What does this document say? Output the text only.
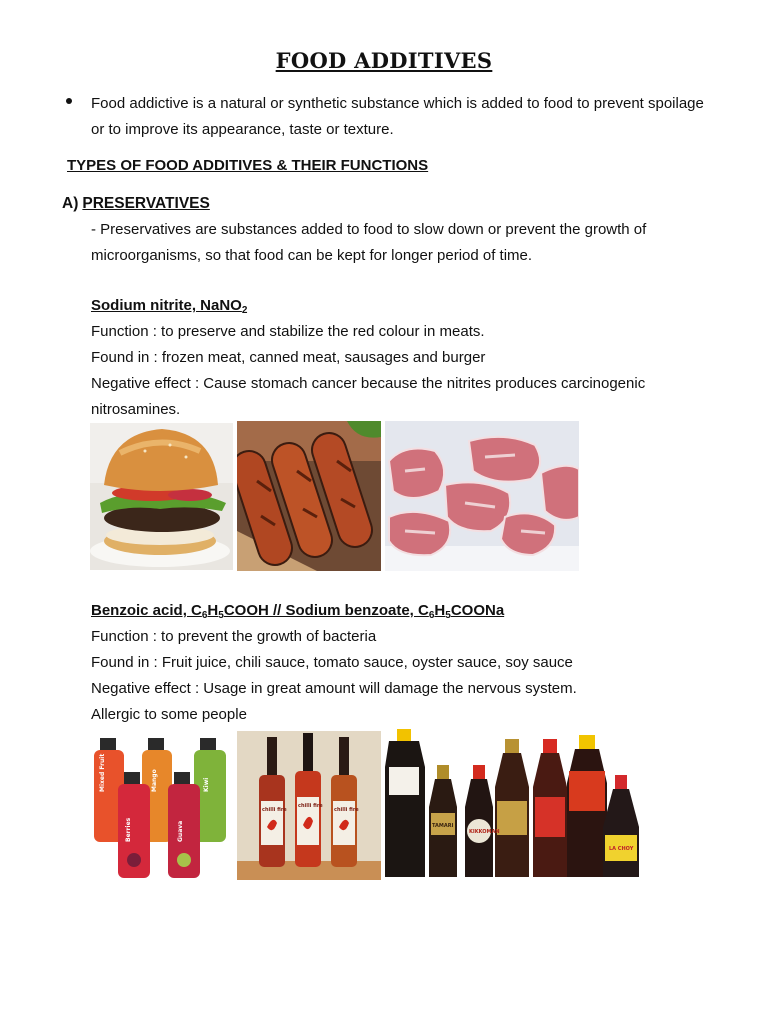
FOOD ADDITIVES
Food addictive is a natural or synthetic substance which is added to food to prevent spoilage or to improve its appearance, taste or texture.
TYPES OF FOOD ADDITIVES & THEIR FUNCTIONS
A) PRESERVATIVES
- Preservatives are substances added to food to slow down or prevent the growth of microorganisms, so that food can be kept for longer period of time.
Sodium nitrite, NaNO$_2$
Function : to preserve and stabilize the red colour in meats.
Found in : frozen meat, canned meat, sausages and burger
Negative effect : Cause stomach cancer because the nitrites produces carcinogenic nitrosamines.
Benzoic acid, $C_6H_5COOH$ // Sodium benzoate, $C_6H_5COONa$
Function : to prevent the growth of bacteria
Found in : Fruit juice, chili sauce, tomato sauce, oyster sauce, soy sauce
Negative effect : Usage in great amount will damage the nervous system.
Allergic to some people
Mixed Fruit	Mango	Kiwi
Berries	Guava
chilli fire
chilli fire
chilli fire
TAMARI
KIKKOMAN
LA CHOY
